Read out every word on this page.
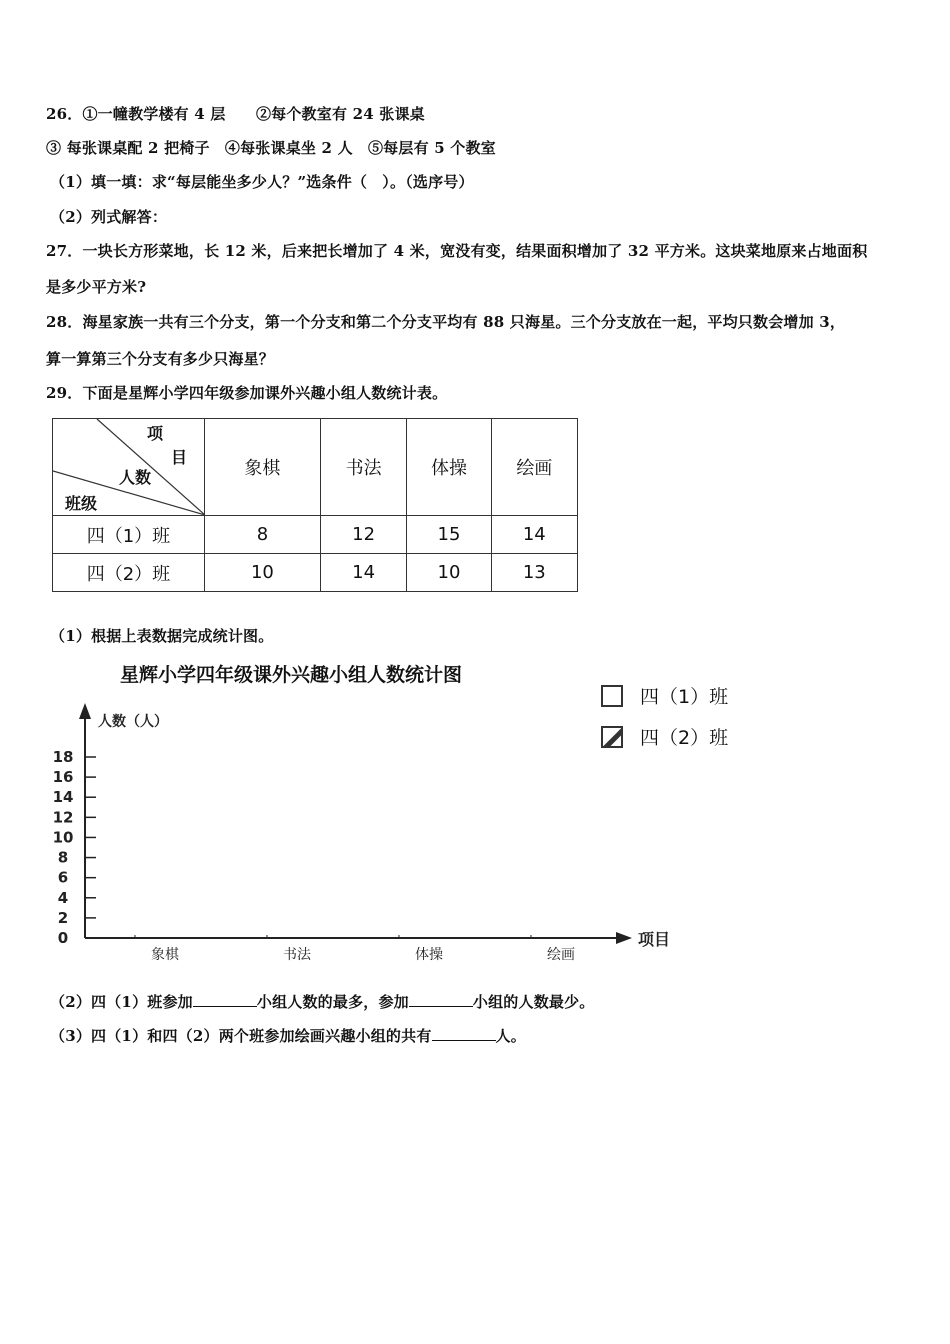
26．①一幢教学楼有 4 层　　②每个教室有 24 张课桌
③ 每张课桌配 2 把椅子　④每张课桌坐 2 人　⑤每层有 5 个教室
（1）填一填：求“每层能坐多少人？”选条件（　）。（选序号）
（2）列式解答：
27．一块长方形菜地，长 12 米，后来把长增加了 4 米，宽没有变，结果面积增加了 32 平方米。这块菜地原来占地面积
是多少平方米?
28．海星家族一共有三个分支，第一个分支和第二个分支平均有 88 只海星。三个分支放在一起，平均只数会增加 3，
算一算第三个分支有多少只海星？
29．下面是星辉小学四年级参加课外兴趣小组人数统计表。
项
目
人数
班级	象棋	书法	体操	绘画
四（1）班	8	12	15	14
四（2）班	10	14	10	13
（1）根据上表数据完成统计图。
星辉小学四年级课外兴趣小组人数统计图
四（1）班
四（2）班
人数（人）
项目
0
2
4
6
8
10
12
14
16
18
象棋	书法	体操	绘画
（2）四（1）班参加	小组人数的最多，参加	小组的人数最少。
（3）四（1）和四（2）两个班参加绘画兴趣小组的共有	人。
